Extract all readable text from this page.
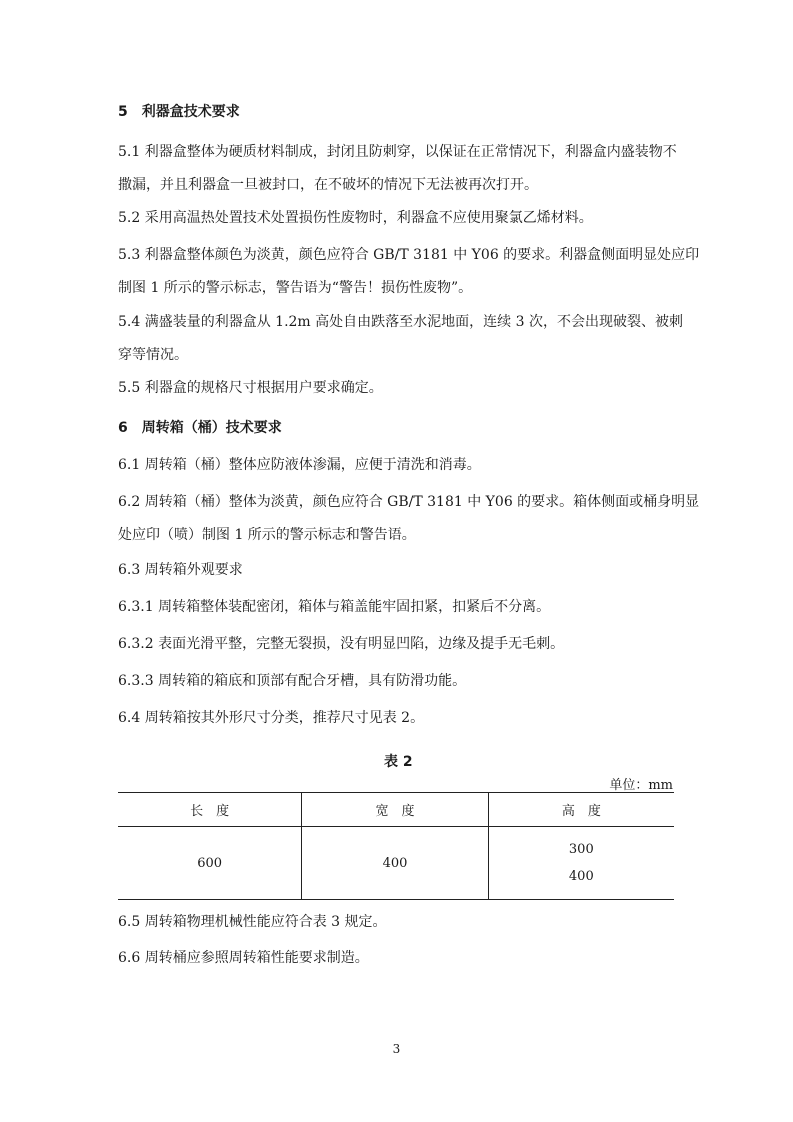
5　利器盒技术要求
5.1 利器盒整体为硬质材料制成，封闭且防刺穿，以保证在正常情况下，利器盒内盛装物不
撒漏，并且利器盒一旦被封口，在不破坏的情况下无法被再次打开。
5.2 采用高温热处置技术处置损伤性废物时，利器盒不应使用聚氯乙烯材料。
5.3 利器盒整体颜色为淡黄，颜色应符合 GB/T 3181 中 Y06 的要求。利器盒侧面明显处应印
制图 1 所示的警示标志，警告语为“警告！损伤性废物”。
5.4 满盛装量的利器盒从 1.2m 高处自由跌落至水泥地面，连续 3 次，不会出现破裂、被刺
穿等情况。
5.5 利器盒的规格尺寸根据用户要求确定。
6　周转箱（桶）技术要求
6.1 周转箱（桶）整体应防液体渗漏，应便于清洗和消毒。
6.2 周转箱（桶）整体为淡黄，颜色应符合 GB/T 3181 中 Y06 的要求。箱体侧面或桶身明显
处应印（喷）制图 1 所示的警示标志和警告语。
6.3 周转箱外观要求
6.3.1 周转箱整体装配密闭，箱体与箱盖能牢固扣紧，扣紧后不分离。
6.3.2 表面光滑平整，完整无裂损，没有明显凹陷，边缘及提手无毛刺。
6.3.3 周转箱的箱底和顶部有配合牙槽，具有防滑功能。
6.4 周转箱按其外形尺寸分类，推荐尺寸见表 2。
表 2
单位：mm
长　度	宽　度	高　度
600	400	300
400
6.5 周转箱物理机械性能应符合表 3 规定。
6.6 周转桶应参照周转箱性能要求制造。
3
